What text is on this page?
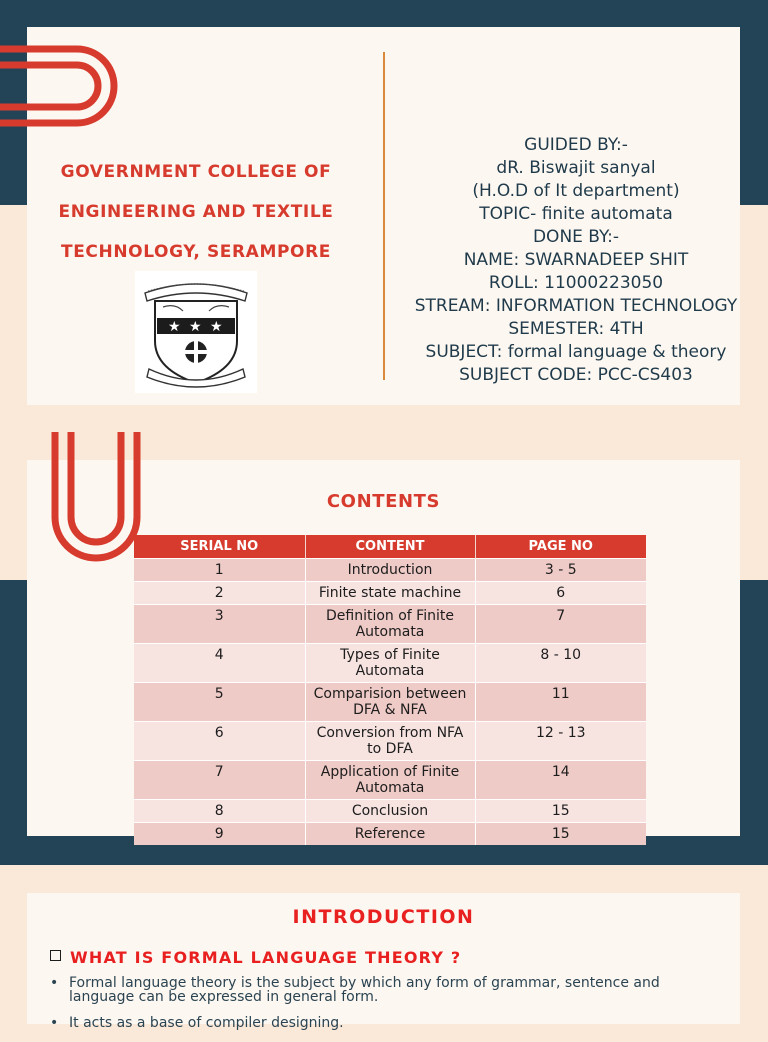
GOVERNMENT COLLEGE OF
ENGINEERING AND TEXTILE
TECHNOLOGY, SERAMPORE
★ ★ ★
GUIDED BY:-
dR. Biswajit sanyal
(H.O.D of It department)
TOPIC- finite automata
DONE BY:-
NAME: SWARNADEEP SHIT
ROLL: 11000223050
STREAM: INFORMATION TECHNOLOGY
SEMESTER: 4TH
SUBJECT: formal language & theory
SUBJECT CODE: PCC-CS403
CONTENTS
SERIAL NO	CONTENT	PAGE NO
1	Introduction	3 - 5
2	Finite state machine	6
3	Definition of Finite Automata	7
4	Types of Finite Automata	8 - 10
5	Comparision between DFA & NFA	11
6	Conversion from NFA to DFA	12 - 13
7	Application of Finite Automata	14
8	Conclusion	15
9	Reference	15
INTRODUCTION
WHAT IS FORMAL LANGUAGE THEORY ?
• Formal language theory is the subject by which any form of grammar, sentence and language can be expressed in general form.
• It acts as a base of compiler designing.
